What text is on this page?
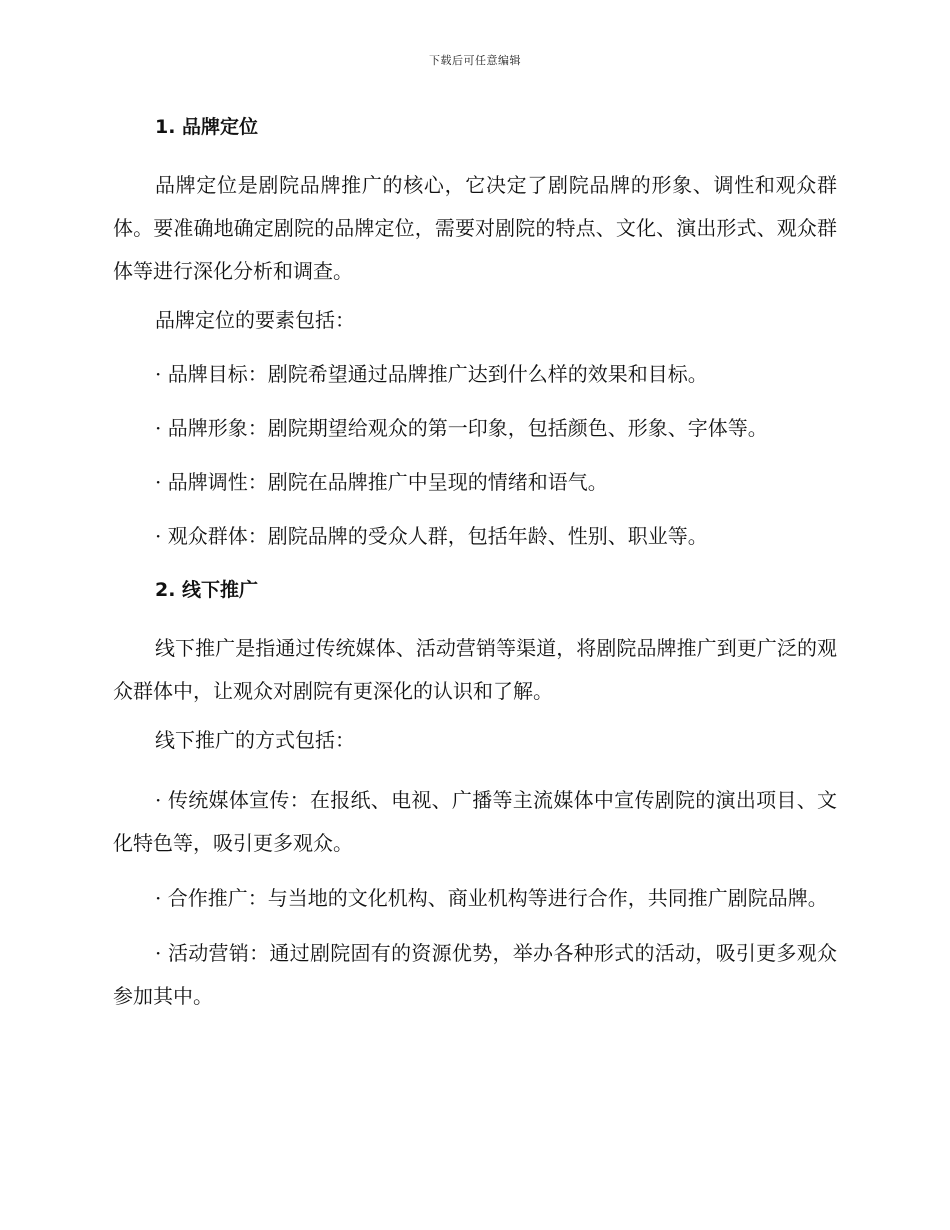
下载后可任意编辑
1. 品牌定位

品牌定位是剧院品牌推广的核心，它决定了剧院品牌的形象、调性和观众群体。要准确地确定剧院的品牌定位，需要对剧院的特点、文化、演出形式、观众群体等进行深化分析和调查。

品牌定位的要素包括：

· 品牌目标：剧院希望通过品牌推广达到什么样的效果和目标。

· 品牌形象：剧院期望给观众的第一印象，包括颜色、形象、字体等。

· 品牌调性：剧院在品牌推广中呈现的情绪和语气。

· 观众群体：剧院品牌的受众人群，包括年龄、性别、职业等。

2. 线下推广

线下推广是指通过传统媒体、活动营销等渠道，将剧院品牌推广到更广泛的观众群体中，让观众对剧院有更深化的认识和了解。

线下推广的方式包括：

· 传统媒体宣传：在报纸、电视、广播等主流媒体中宣传剧院的演出项目、文化特色等，吸引更多观众。

· 合作推广：与当地的文化机构、商业机构等进行合作，共同推广剧院品牌。

· 活动营销：通过剧院固有的资源优势，举办各种形式的活动，吸引更多观众参加其中。
